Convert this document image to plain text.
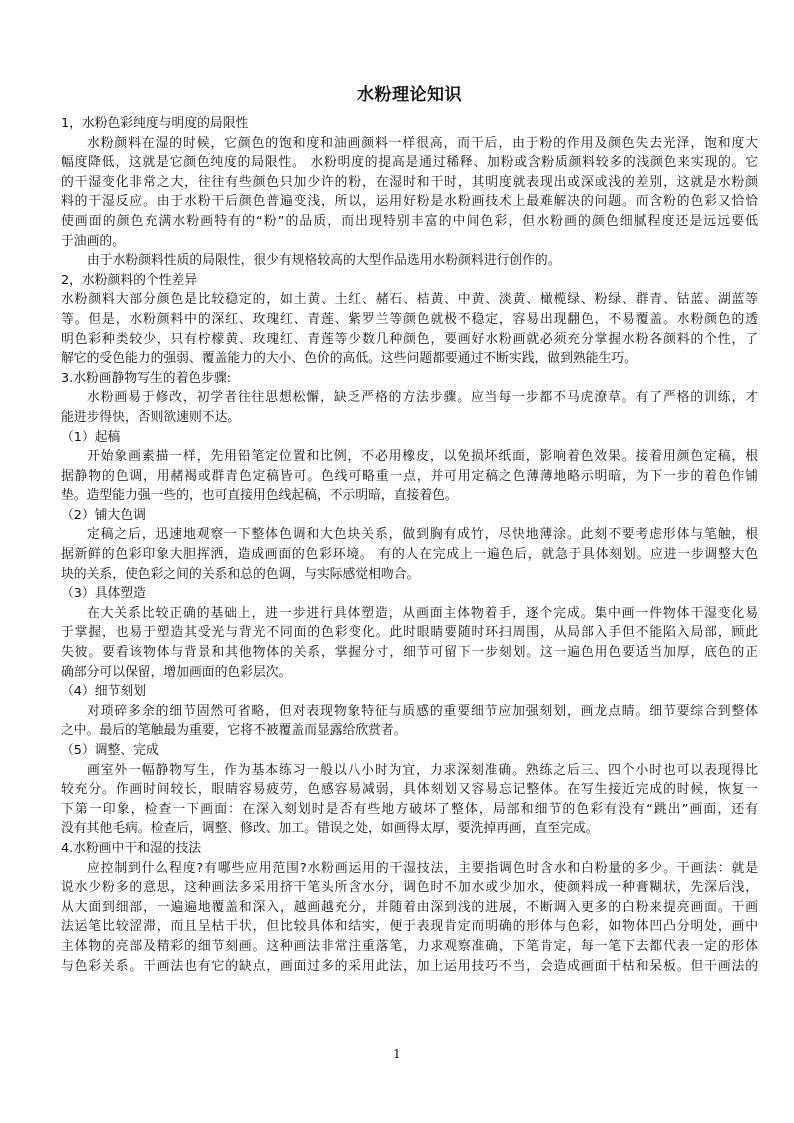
水粉理论知识
1，水粉色彩纯度与明度的局限性
水粉颜料在湿的时候，它颜色的饱和度和油画颜料一样很高，而干后，由于粉的作用及颜色失去光泽，饱和度大
幅度降低，这就是它颜色纯度的局限性。 水粉明度的提高是通过稀释、加粉或含粉质颜料较多的浅颜色来实现的。它
的干湿变化非常之大，往往有些颜色只加少许的粉，在湿时和干时，其明度就表现出或深或浅的差别，这就是水粉颜
料的干湿反应。由于水粉干后颜色普遍变浅，所以，运用好粉是水粉画技术上最难解决的问题。而含粉的色彩又恰恰
使画面的颜色充满水粉画特有的“粉”的品质，而出现特别丰富的中间色彩，但水粉画的颜色细腻程度还是远远要低
于油画的。
由于水粉颜料性质的局限性，很少有规格较高的大型作品选用水粉颜料进行创作的。
2，水粉颜料的个性差异
水粉颜料大部分颜色是比较稳定的，如土黄、土红、赭石、桔黄、中黄、淡黄、橄榄绿、粉绿、群青、钴蓝、湖蓝等
等。但是，水粉颜料中的深红、玫瑰红、青莲、紫罗兰等颜色就极不稳定，容易出现翻色，不易覆盖。水粉颜色的透
明色彩种类较少，只有柠檬黄、玫瑰红、青莲等少数几种颜色，要画好水粉画就必须充分掌握水粉各颜料的个性，了
解它的受色能力的强弱、覆盖能力的大小、色价的高低。这些问题都要通过不断实践，做到熟能生巧。
3.水粉画静物写生的着色步骤:
水粉画易于修改，初学者往往思想松懈，缺乏严格的方法步骤。应当每一步都不马虎潦草。有了严格的训练，才
能进步得快，否则欲速则不达。
（1）起稿
开始象画素描一样，先用铅笔定位置和比例，不必用橡皮，以免损坏纸面，影响着色效果。接着用颜色定稿，根
据静物的色调，用赭褐或群青色定稿皆可。色线可略重一点，并可用定稿之色薄薄地略示明暗，为下一步的着色作铺
垫。造型能力强一些的，也可直接用色线起稿，不示明暗，直接着色。
（2）铺大色调
定稿之后，迅速地观察一下整体色调和大色块关系，做到胸有成竹，尽快地薄涂。此刻不要考虑形体与笔触，根
据新鲜的色彩印象大胆挥洒，造成画面的色彩环境。 有的人在完成上一遍色后，就急于具体刻划。应进一步调整大色
块的关系，使色彩之间的关系和总的色调，与实际感觉相吻合。
（3）具体塑造
在大关系比较正确的基础上，进一步进行具体塑造，从画面主体物着手，逐个完成。集中画一件物体干湿变化易
于掌握，也易于塑造其受光与背光不同面的色彩变化。此时眼睛要随时环扫周围，从局部入手但不能陷入局部，顾此
失彼。要看该物体与背景和其他物体的关系，掌握分寸，细节可留下一步刻划。这一遍色用色要适当加厚，底色的正
确部分可以保留，增加画面的色彩层次。
（4）细节刻划
对琐碎多余的细节固然可省略，但对表现物象特征与质感的重要细节应加强刻划，画龙点睛。细节要综合到整体
之中。最后的笔触最为重要，它将不被覆盖而显露给欣赏者。
（5）调整、完成
画室外一幅静物写生，作为基本练习一般以八小时为宜，力求深刻准确。熟练之后三、四个小时也可以表现得比
较充分。作画时间较长，眼睛容易疲劳，色感容易减弱，具体刻划又容易忘记整体。在写生接近完成的时候，恢复一
下第一印象，检查一下画面：在深入刻划时是否有些地方破坏了整体，局部和细节的色彩有没有“跳出”画面，还有
没有其他毛病。检查后，调整、修改、加工。错误之处，如画得太厚，要洗掉再画，直至完成。
4.水粉画中干和湿的技法
应控制到什么程度?有哪些应用范围?水粉画运用的干湿技法，主要指调色时含水和白粉量的多少。干画法：就是
说水少粉多的意思，这种画法多采用挤干笔头所含水分，调色时不加水或少加水，使颜料成一种膏糊状，先深后浅，
从大面到细部，一遍遍地覆盖和深入，越画越充分，并随着由深到浅的进展，不断调入更多的白粉来提亮画面。干画
法运笔比较涩滞，而且呈枯干状，但比较具体和结实，便于表现肯定而明确的形体与色彩，如物体凹凸分明处，画中
主体物的亮部及精彩的细节刻画。这种画法非常注重落笔，力求观察准确，下笔肯定，每一笔下去都代表一定的形体
与色彩关系。干画法也有它的缺点，画面过多的采用此法，加上运用技巧不当，会造成画面干枯和呆板。但干画法的
1
